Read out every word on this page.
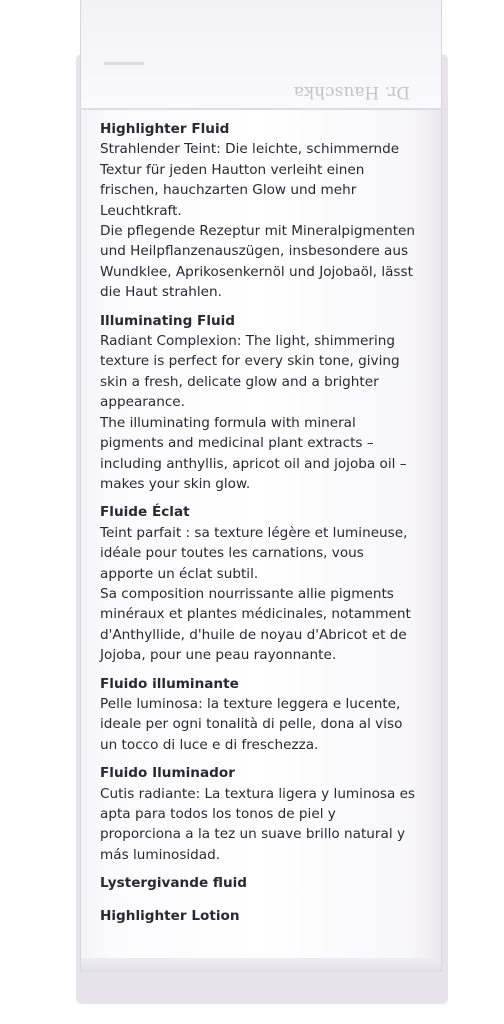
Dr. Hauschka
Highlighter Fluid

Strahlender Teint: Die leichte, schimmernde Textur für jeden Hautton verleiht einen frischen, hauchzarten Glow und mehr Leuchtkraft.

Die pflegende Rezeptur mit Mineralpigmenten und Heilpflanzenauszügen, insbesondere aus Wundklee, Aprikosenkernöl und Jojobaöl, lässt die Haut strahlen.

Illuminating Fluid

Radiant Complexion: The light, shimmering texture is perfect for every skin tone, giving skin a fresh, delicate glow and a brighter appearance.

The illuminating formula with mineral pigments and medicinal plant extracts – including anthyllis, apricot oil and jojoba oil – makes your skin glow.

Fluide Éclat

Teint parfait : sa texture légère et lumineuse, idéale pour toutes les carnations, vous apporte un éclat subtil.

Sa composition nourrissante allie pigments minéraux et plantes médicinales, notamment d'Anthyllide, d'huile de noyau d'Abricot et de Jojoba, pour une peau rayonnante.

Fluido illuminante

Pelle luminosa: la texture leggera e lucente, ideale per ogni tonalità di pelle, dona al viso un tocco di luce e di freschezza.

Fluido Iluminador

Cutis radiante: La textura ligera y luminosa es apta para todos los tonos de piel y proporciona a la tez un suave brillo natural y más luminosidad.

Lystergivande fluid
Highlighter Lotion
